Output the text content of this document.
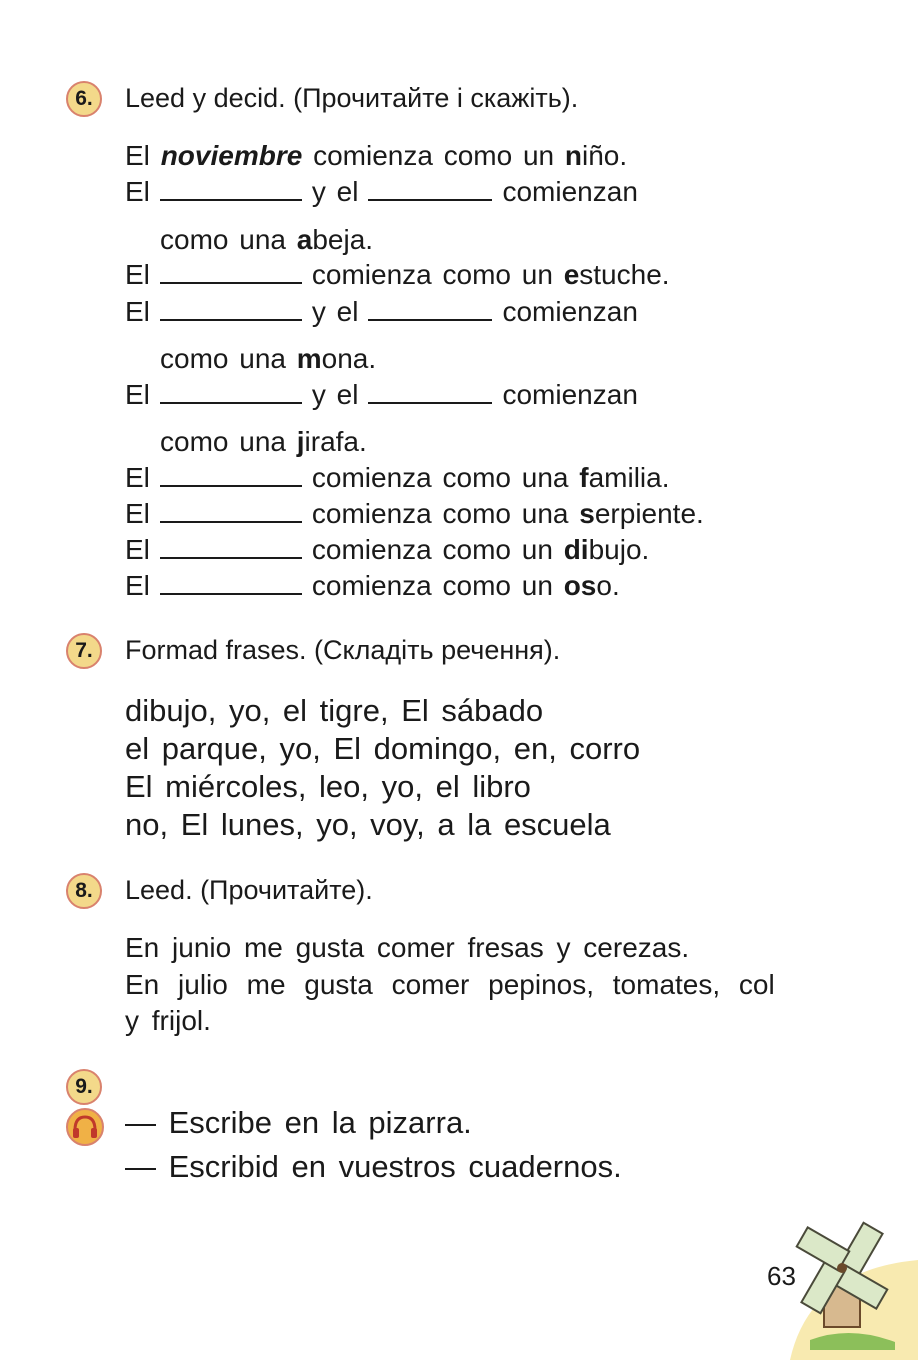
6.	Leed y decid. (Прочитайте і скажіть).
El noviembre comienza como un niño.
El	y el	comienzan
como una abeja.
El	comienza como un estuche.
El	y el	comienzan
como una mona.
El	y el	comienzan
como una jirafa.
El	comienza como una familia.
El	comienza como una serpiente.
El	comienza como un dibujo.
El	comienza como un oso.
7.	Formad frases. (Складіть речення).
dibujo, yo, el tigre, El sábado
el parque, yo, El domingo, en, corro
El miércoles, leo, yo, el libro
no, El lunes, yo, voy, a la escuela
8.	Leed. (Прочитайте).
En junio me gusta comer fresas y cerezas.
En julio me gusta comer pepinos, tomates, col
y frijol.
9.
— Escribe en la pizarra.
— Escribid en vuestros cuadernos.
63
